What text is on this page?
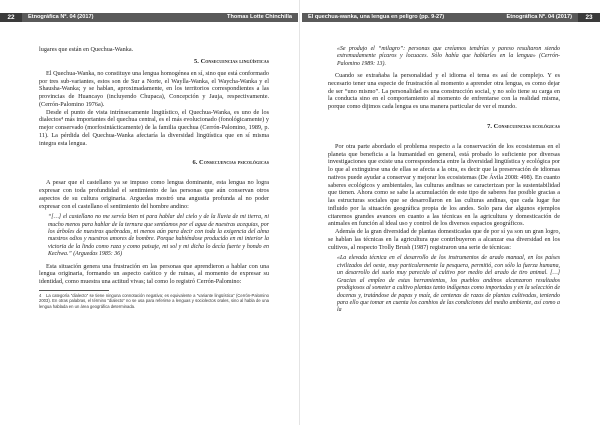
22	Etnográfica Nº. 04 (2017)	Thomas Lotte Chinchilla

lugares que están en Quechua-Wanka.

5. Consecuencias lingüísticas

El Quechua-Wanka, no constituye una lengua homogénea en sí, sino que está conformado por tres sub-variantes, estos son de Sur a Norte, el Waylla-Wanka, el Waycha-Wanka y el Shausha-Wanka; y se hablan, aproximadamente, en los territorios correspondientes a las provincias de Huancayo (incluyendo Chupaca), Concepción y Jauja, respectivamente. (Cerrón-Palomino 1976a).

Desde el punto de vista intrínsecamente lingüístico, el Quechua-Wanka, es uno de los dialectos⁴ más importantes del quechua central, es el más evolucionado (fonológicamente) y mejor conservado (morfosintácticamente) de la familia quechua (Cerrón-Palomino, 1989, p. 11). La pérdida del Quechua-Wanka afectaría la diversidad lingüística que en sí misma integra esta lengua.

6. Consecuencias psicológicas

A pesar que el castellano ya se impuso como lengua dominante, esta lengua no logra expresar con toda profundidad el sentimiento de las personas que aún conservan otros aspectos de su cultura originaria. Arguedas mostró una angustia profunda al no poder expresar con el castellano el sentimiento del hombre andino:

“[…] el castellano no me servía bien ni para hablar del cielo y de la lluvia de mi tierra, ni mucho menos para hablar de la ternura que sentíamos por el agua de nuestras acequias, por los árboles de nuestras quebradas, ni menos aún para decir con toda la exigencia del alma nuestros odios y nuestros amores de hombre. Porque habiéndose producido en mi interior la victoria de la lindo como raza y como paisaje, mi sol y mi dicha lo decía fuerte y hondo en Kechwa.” (Arguedas 1985: 36)

Esta situación genera una frustración en las personas que aprendieron a hablar con una lengua originaria, formando un aspecto caótico y de ruinas, al momento de expresar su identidad, como muestra una actitud vivas; tal como lo registró Cerrón-Palomino:

4 La categoría “dialecto” se tiene ninguna connotación negativa; es equivalente a “variante lingüística” (Cerrón-Palomino 2003). En otras palabras, el término “dialecto” no se usa para referirse a lenguas y sociolectos orales, sino al habla de una lengua hablada en un área geográfica determinada.
El quechua-wanka, una lengua en peligro (pp. 9-27)	Etnográfica Nº. 04 (2017)	23

«Se produjo el “milagro”: personas que creíamos tendrías y pareso resultaron siendo extremadamente pícaros y locuaces. Sólo había que hablarles en la lengua» (Cerrón-Palomino 1989: 13).

Cuando se extrañaba la personalidad y el idioma el tema es así de complejo. Y es necesario tener una especie de frustración al momento a aprender otra lengua, es como dejar de ser “uno mismo”. La personalidad es una construcción social, y no solo tiene su carga en la conducta sino en el comportamiento al momento de enfrentarse con la realidad misma, porque como dijimos cada lengua es una manera particular de ver el mundo.

7. Consecuencias ecológicas

Por otra parte abordado el problema respecto a la conservación de los ecosistemas en el planeta que beneficia a la humanidad en general, está probado lo suficiente por diversas investigaciones que existe una correspondencia entre la diversidad lingüística y ecológica por lo que al extinguirse una de ellas se afecta a la otra, es decir que la preservación de idiomas nativos puede ayudar a conservar y mejorar los ecosistemas (De Ávila 2008: 498). En cuanto saberes ecológicos y ambientales, las culturas andinas se caracterizan por la sustentabilidad que tienen. Ahora como se sabe la acumulación de este tipo de saberes fue posible gracias a las estructuras sociales que se desarrollaron en las culturas andinas, que cada lugar fue influido por la situación geográfica propia de los andes. Solo para dar algunos ejemplos citaremos grandes avances en cuanto a las técnicas en la agricultura y domesticación de animales en función al ideal uso y control de los diversos espacios geográficos.

Además de la gran diversidad de plantas domesticadas que de por sí ya son un gran logro, se hablan las técnicas en la agricultura que contribuyeron a alcanzar esa diversidad en los cultivos, al respecto Trolly Brush (1987) registraron una serie de técnicas:

«La elevada técnica en el desarrollo de los instrumentos de arado manual, en los países civilizados del oeste, muy particularmente la pesquera, permitió, con sólo la fuerza humana, un desarrollo del suelo muy parecido al cultivo por medio del arado de tiro animal. […] Gracias al empleo de estas herramientas, los pueblos andinos alcanzaron resultados prodigiosos al someter a cultivo plantas tanto indígenas como importadas y en la selección de docenas y, tratándose de papas y maíz, de centenas de razas de plantas cultivadas, teniendo para ello que tomar en cuenta los cambios de las condiciones del medio ambiente, así como a la
